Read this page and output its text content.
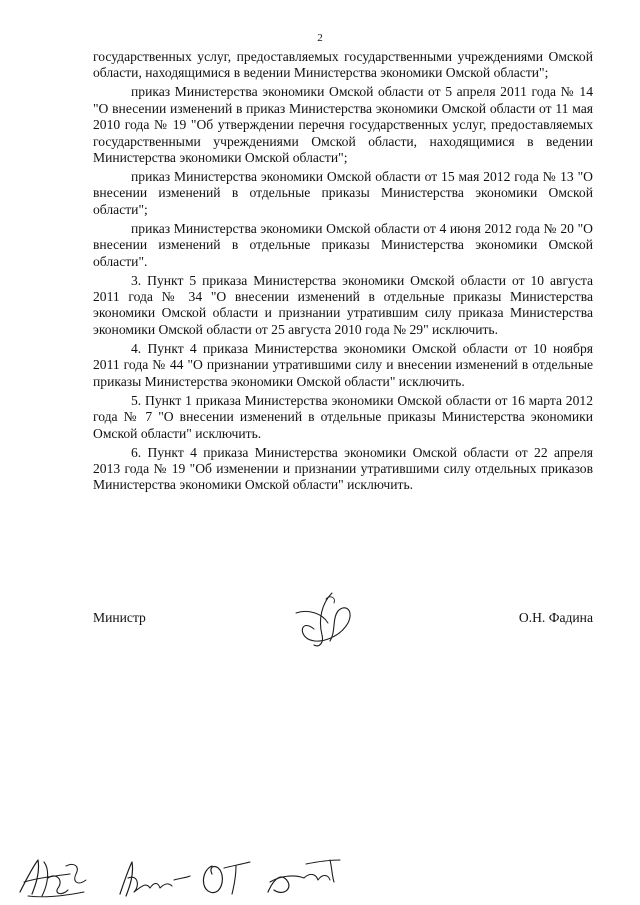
2

государственных услуг, предоставляемых государственными учреждениями Омской области, находящимися в ведении Министерства экономики Омской области";

приказ Министерства экономики Омской области от 5 апреля 2011 года № 14 "О внесении изменений в приказ Министерства экономики Омской области от 11 мая 2010 года № 19 "Об утверждении перечня государственных услуг, предоставляемых государственными учреждениями Омской области, находящимися в ведении Министерства экономики Омской области";

приказ Министерства экономики Омской области от 15 мая 2012 года № 13 "О внесении изменений в отдельные приказы Министерства экономики Омской области";

приказ Министерства экономики Омской области от 4 июня 2012 года № 20 "О внесении изменений в отдельные приказы Министерства экономики Омской области".

3. Пункт 5 приказа Министерства экономики Омской области от 10 августа 2011 года № 34 "О внесении изменений в отдельные приказы Министерства экономики Омской области и признании утратившим силу приказа Министерства экономики Омской области от 25 августа 2010 года № 29" исключить.

4. Пункт 4 приказа Министерства экономики Омской области от 10 ноября 2011 года № 44 "О признании утратившими силу и внесении изменений в отдельные приказы Министерства экономики Омской области" исключить.

5. Пункт 1 приказа Министерства экономики Омской области от 16 марта 2012 года № 7 "О внесении изменений в отдельные приказы Министерства экономики Омской области" исключить.

6. Пункт 4 приказа Министерства экономики Омской области от 22 апреля 2013 года № 19 "Об изменении и признании утратившими силу отдельных приказов Министерства экономики Омской области" исключить.

Министр	О.Н. Фадина
